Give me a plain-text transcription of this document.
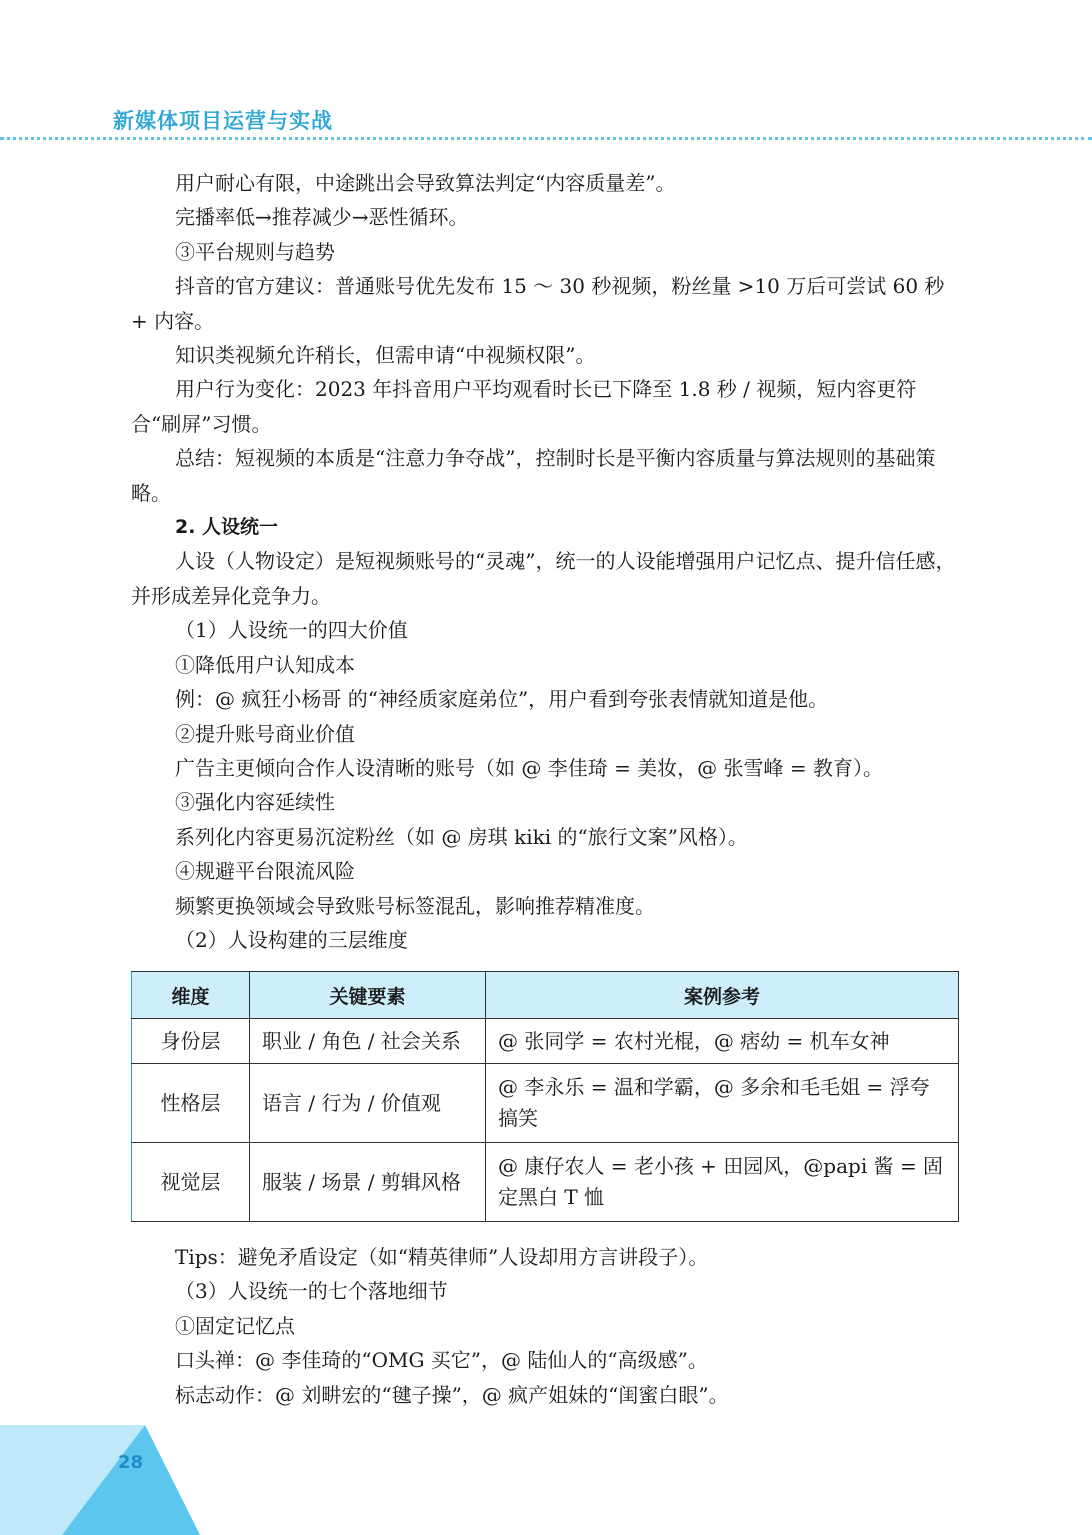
新媒体项目运营与实战

用户耐心有限，中途跳出会导致算法判定“内容质量差”。

完播率低→推荐减少→恶性循环。

③平台规则与趋势

抖音的官方建议：普通账号优先发布 15 ～ 30 秒视频，粉丝量 >10 万后可尝试 60 秒 + 内容。

知识类视频允许稍长，但需申请“中视频权限”。

用户行为变化：2023 年抖音用户平均观看时长已下降至 1.8 秒 / 视频，短内容更符合“刷屏”习惯。

总结：短视频的本质是“注意力争夺战”，控制时长是平衡内容质量与算法规则的基础策略。

2. 人设统一

人设（人物设定）是短视频账号的“灵魂”，统一的人设能增强用户记忆点、提升信任感，并形成差异化竞争力。

（1）人设统一的四大价值

①降低用户认知成本

例：@ 疯狂小杨哥 的“神经质家庭弟位”，用户看到夸张表情就知道是他。

②提升账号商业价值

广告主更倾向合作人设清晰的账号（如 @ 李佳琦 = 美妆，@ 张雪峰 = 教育）。

③强化内容延续性

系列化内容更易沉淀粉丝（如 @ 房琪 kiki 的“旅行文案”风格）。

④规避平台限流风险

频繁更换领域会导致账号标签混乱，影响推荐精准度。

（2）人设构建的三层维度

维度	关键要素	案例参考
身份层	职业 / 角色 / 社会关系	@ 张同学 = 农村光棍，@ 痞幼 = 机车女神
性格层	语言 / 行为 / 价值观	@ 李永乐 = 温和学霸，@ 多余和毛毛姐 = 浮夸搞笑
视觉层	服装 / 场景 / 剪辑风格	@ 康仔农人 = 老小孩 + 田园风，@papi 酱 = 固定黑白 T 恤

Tips：避免矛盾设定（如“精英律师”人设却用方言讲段子）。

（3）人设统一的七个落地细节

①固定记忆点

口头禅：@ 李佳琦的“OMG 买它”，@ 陆仙人的“高级感”。

标志动作：@ 刘畊宏的“毽子操”，@ 疯产姐妹的“闺蜜白眼”。

28
